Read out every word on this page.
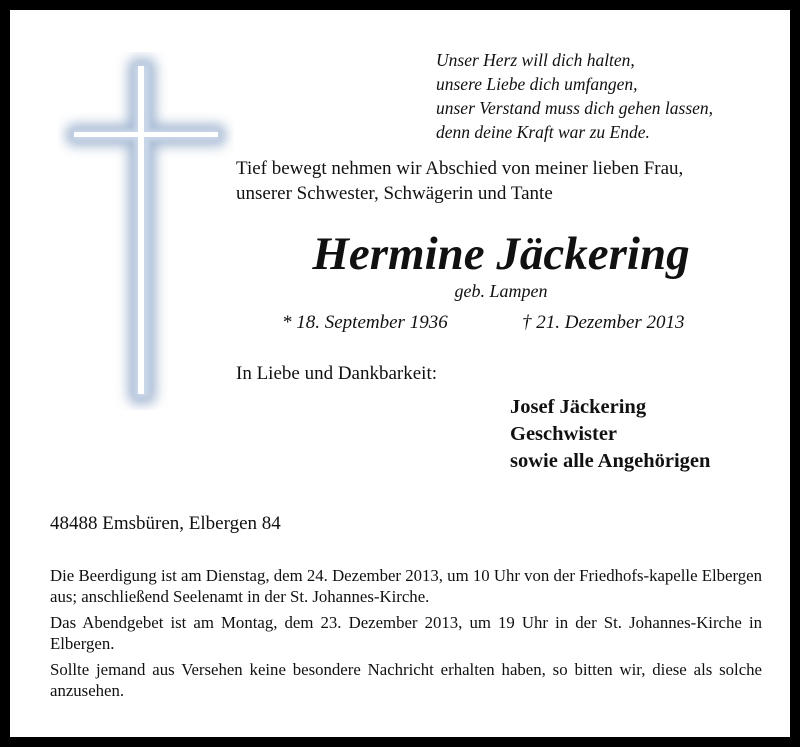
Unser Herz will dich halten,
unsere Liebe dich umfangen,
unser Verstand muss dich gehen lassen,
denn deine Kraft war zu Ende.
Tief bewegt nehmen wir Abschied von meiner lieben Frau,
unserer Schwester, Schwägerin und Tante
Hermine Jäckering
geb. Lampen
* 18. September 1936	† 21. Dezember 2013
In Liebe und Dankbarkeit:
Josef Jäckering
Geschwister
sowie alle Angehörigen
48488 Emsbüren, Elbergen 84

Die Beerdigung ist am Dienstag, dem 24. Dezember 2013, um 10 Uhr von der Friedhofs-kapelle Elbergen aus; anschließend Seelenamt in der St. Johannes-Kirche.

Das Abendgebet ist am Montag, dem 23. Dezember 2013, um 19 Uhr in der St. Johannes-Kirche in Elbergen.

Sollte jemand aus Versehen keine besondere Nachricht erhalten haben, so bitten wir, diese als solche anzusehen.
